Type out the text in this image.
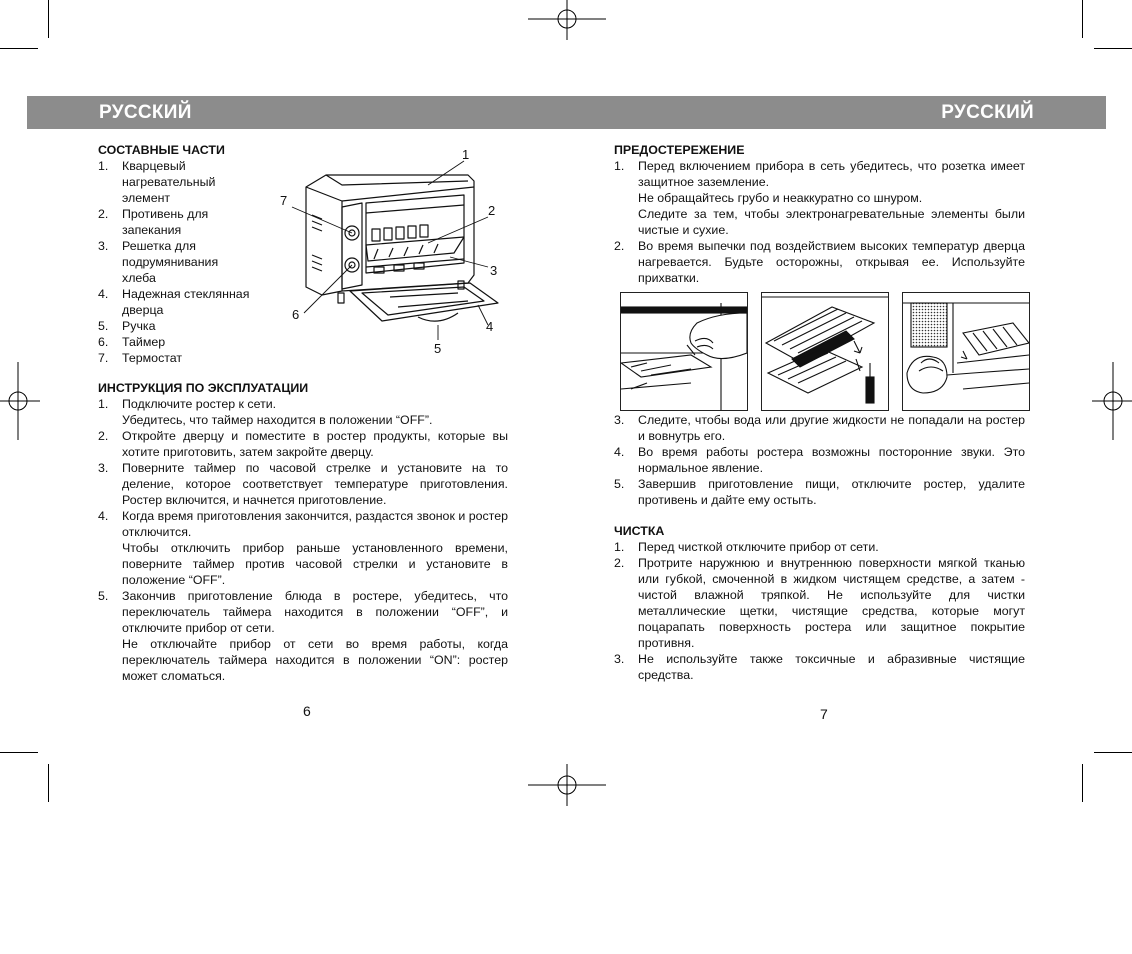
РУССКИЙ	РУССКИЙ
СОСТАВНЫЕ ЧАСТИ
1. Кварцевый нагревательный элемент
2. Противень для запекания
3. Решетка для подрумянивания хлеба
4. Надежная стеклянная дверца
5. Ручка
6. Таймер
7. Термостат
1
2
3
4
5
6
7
ИНСТРУКЦИЯ ПО ЭКСПЛУАТАЦИИ
1. Подключите ростер к сети.
Убедитесь, что таймер находится в положении “OFF”.
2. Откройте дверцу и поместите в ростер продукты, которые вы хотите приготовить, затем закройте дверцу.
3. Поверните таймер по часовой стрелке и установите на то деление, которое соответствует температуре приготовления. Ростер включится, и начнется приготовление.
4. Когда время приготовления закончится, раздастся звонок и ростер отключится.
Чтобы отключить прибор раньше установленного времени, поверните таймер против часовой стрелки и установите в положение “OFF”.
5. Закончив приготовление блюда в ростере, убедитесь, что переключатель таймера находится в положении “OFF”, и отключите прибор от сети.
Не отключайте прибор от сети во время работы, когда переключатель таймера находится в положении “ON”: ростер может сломаться.
6
ПРЕДОСТЕРЕЖЕНИЕ
1. Перед включением прибора в сеть убедитесь, что розетка имеет защитное заземление.
Не обращайтесь грубо и неаккуратно со шнуром.
Следите за тем, чтобы электронагревательные элементы были чистые и сухие.
2. Во время выпечки под воздействием высоких температур дверца нагревается. Будьте осторожны, открывая ее. Используйте прихватки.
3. Следите, чтобы вода или другие жидкости не попадали на ростер и вовнутрь его.
4. Во время работы ростера возможны посторонние звуки. Это нормальное явление.
5. Завершив приготовление пищи, отключите ростер, удалите противень и дайте ему остыть.
ЧИСТКА
1. Перед чисткой отключите прибор от сети.
2. Протрите наружнюю и внутреннюю поверхности мягкой тканью или губкой, смоченной в жидком чистящем средстве, а затем - чистой влажной тряпкой. Не используйте для чистки металлические щетки, чистящие средства, которые могут поцарапать поверхность ростера или защитное покрытие противня.
3. Не используйте также токсичные и абразивные чистящие средства.
7
